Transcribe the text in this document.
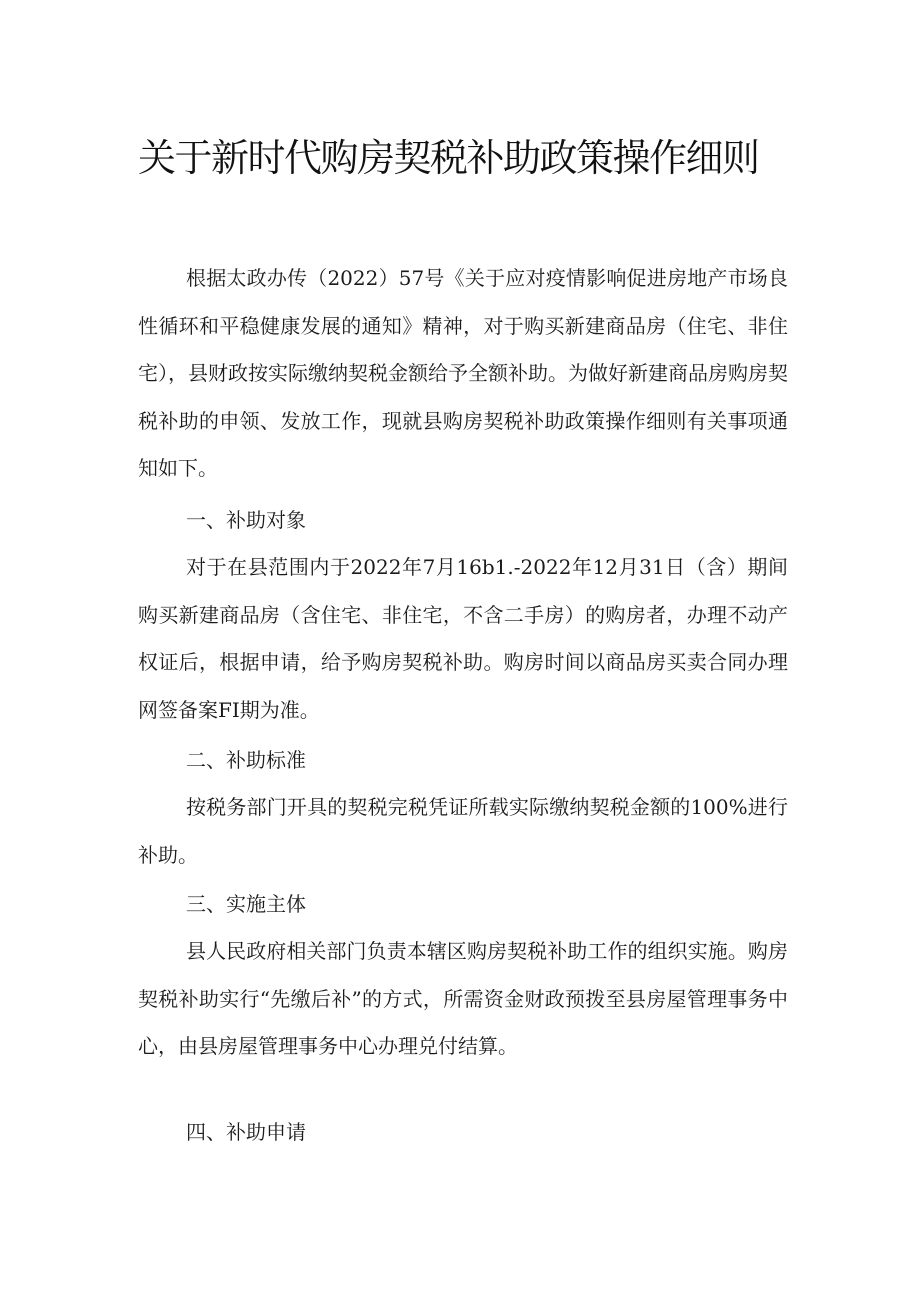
关于新时代购房契税补助政策操作细则

根据太政办传（2022）57号《关于应对疫情影响促进房地产市场良性循环和平稳健康发展的通知》精神，对于购买新建商品房（住宅、非住宅），县财政按实际缴纳契税金额给予全额补助。为做好新建商品房购房契税补助的申领、发放工作，现就县购房契税补助政策操作细则有关事项通知如下。

一、补助对象

对于在县范围内于2022年7月16b1.-2022年12月31日（含）期间购买新建商品房（含住宅、非住宅，不含二手房）的购房者，办理不动产权证后，根据申请，给予购房契税补助。购房时间以商品房买卖合同办理网签备案FI期为准。

二、补助标准

按税务部门开具的契税完税凭证所载实际缴纳契税金额的100%进行补助。

三、实施主体

县人民政府相关部门负责本辖区购房契税补助工作的组织实施。购房契税补助实行“先缴后补”的方式，所需资金财政预拨至县房屋管理事务中心，由县房屋管理事务中心办理兑付结算。

四、补助申请
